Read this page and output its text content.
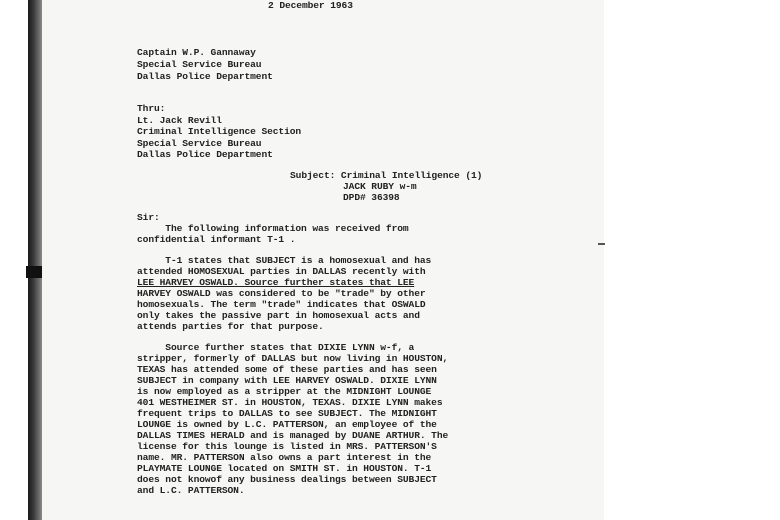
2 December 1963
Captain W.P. Gannaway
Special Service Bureau
Dallas Police Department
Thru:
Lt. Jack Revill
Criminal Intelligence Section
Special Service Bureau
Dallas Police Department
Subject: Criminal Intelligence (1)
JACK RUBY w-m
DPD# 36398
Sir:
The following information was received from
confidential informant T-1 .
T-1 states that SUBJECT is a homosexual and has
attended HOMOSEXUAL parties in DALLAS recently with
LEE HARVEY OSWALD. Source further states that LEE
HARVEY OSWALD was considered to be "trade" by other
homosexuals. The term "trade" indicates that OSWALD
only takes the passive part in homosexual acts and
attends parties for that purpose.
Source further states that DIXIE LYNN w-f, a
stripper, formerly of DALLAS but now living in HOUSTON,
TEXAS has attended some of these parties and has seen
SUBJECT in company with LEE HARVEY OSWALD. DIXIE LYNN
is now employed as a stripper at the MIDNIGHT LOUNGE
401 WESTHEIMER ST. in HOUSTON, TEXAS. DIXIE LYNN makes
frequent trips to DALLAS to see SUBJECT. The MIDNIGHT
LOUNGE is owned by L.C. PATTERSON, an employee of the
DALLAS TIMES HERALD and is managed by DUANE ARTHUR. The
license for this lounge is listed in MRS. PATTERSON'S
name. MR. PATTERSON also owns a part interest in the
PLAYMATE LOUNGE located on SMITH ST. in HOUSTON. T-1
does not knowof any business dealings between SUBJECT
and L.C. PATTERSON.
